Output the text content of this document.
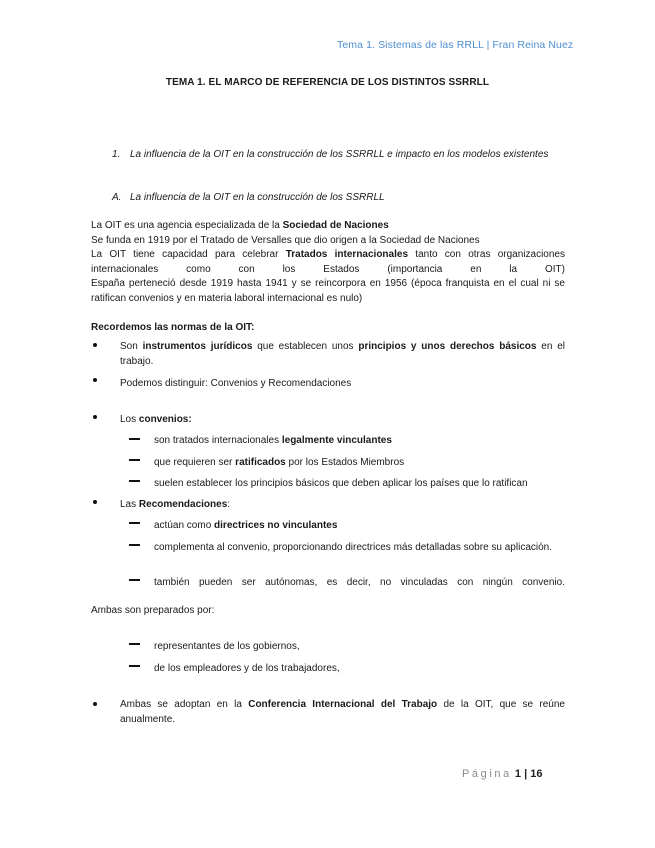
Tema 1. Sistemas de las RRLL | Fran Reina Nuez
TEMA 1. EL MARCO DE REFERENCIA DE LOS DISTINTOS SSRRLL
1. La influencia de la OIT en la construcción de los SSRRLL e impacto en los modelos existentes
A. La influencia de la OIT en la construcción de los SSRRLL
La OIT es una agencia especializada de la Sociedad de Naciones
Se funda en 1919 por el Tratado de Versalles que dio origen a la Sociedad de Naciones
La OIT tiene capacidad para celebrar Tratados internacionales tanto con otras organizaciones internacionales como con los Estados (importancia en la OIT)
España perteneció desde 1919 hasta 1941 y se reincorpora en 1956 (época franquista en el cual ni se ratifican convenios y en materia laboral internacional es nulo)
Recordemos las normas de la OIT:
Son instrumentos jurídicos que establecen unos principios y unos derechos básicos en el trabajo.
Podemos distinguir: Convenios y Recomendaciones
Los convenios:
son tratados internacionales legalmente vinculantes
que requieren ser ratificados por los Estados Miembros
suelen establecer los principios básicos que deben aplicar los países que lo ratifican
Las Recomendaciones:
actúan como directrices no vinculantes
complementa al convenio, proporcionando directrices más detalladas sobre su aplicación.
también pueden ser autónomas, es decir, no vinculadas con ningún convenio.
Ambas son preparados por:
representantes de los gobiernos,
de los empleadores y de los trabajadores,
Ambas se adoptan en la Conferencia Internacional del Trabajo de la OIT, que se reúne anualmente.
Página 1 | 16
